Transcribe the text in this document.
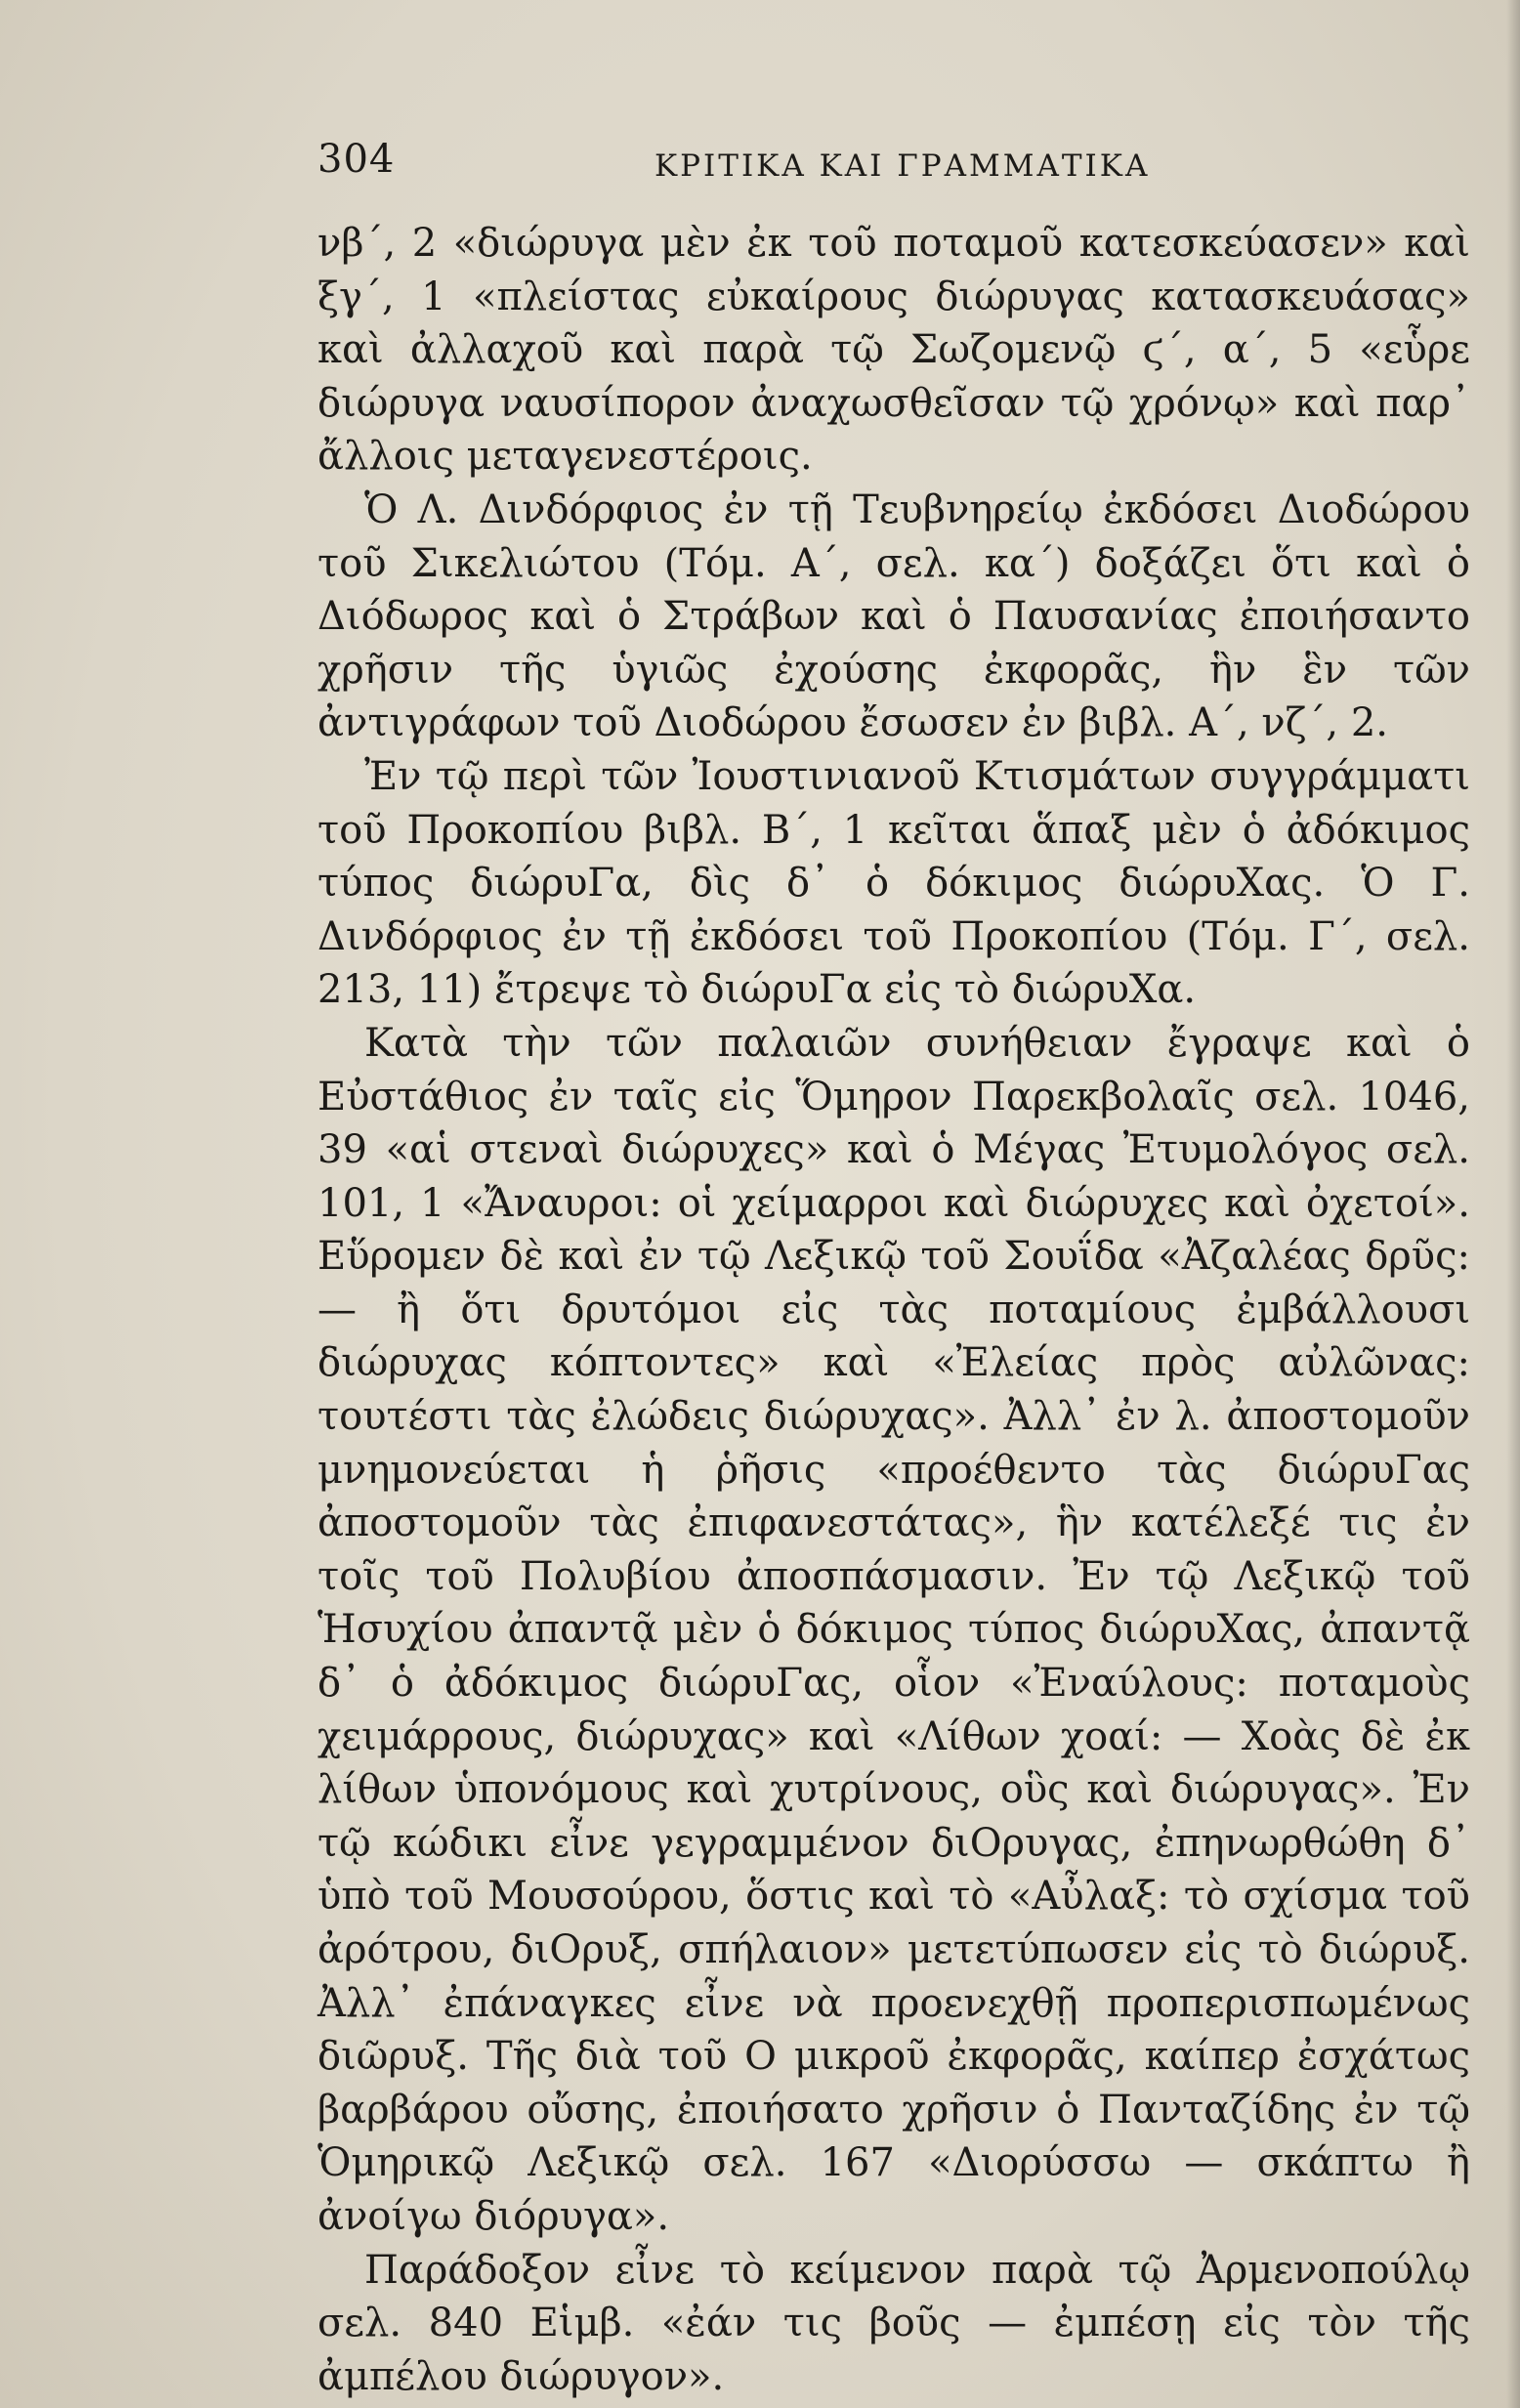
304	ΚΡΙΤΙΚΑ ΚΑΙ ΓΡΑΜΜΑΤΙΚΑ

νβ΄, 2 «διώρυγα μὲν ἐκ τοῦ ποταμοῦ κατεσκεύασεν» καὶ ξγ΄, 1 «πλείστας εὐκαίρους διώρυγας κατασκευάσας» καὶ ἀλλαχοῦ καὶ παρὰ τῷ Σωζομενῷ ϛ΄, α΄, 5 «εὗρε διώρυγα ναυσίπορον ἀναχωσθεῖσαν τῷ χρόνῳ» καὶ παρ᾽ ἄλλοις μεταγενεστέροις.

Ὁ Λ. Δινδόρφιος ἐν τῇ Τευβνηρείῳ ἐκδόσει Διοδώρου τοῦ Σικελιώτου (Τόμ. Α΄, σελ. κα΄) δοξάζει ὅτι καὶ ὁ Διόδωρος καὶ ὁ Στράβων καὶ ὁ Παυσανίας ἐποιήσαντο χρῆσιν τῆς ὑγιῶς ἐχούσης ἐκφορᾶς, ἣν ἓν τῶν ἀντιγράφων τοῦ Διοδώρου ἔσωσεν ἐν βιβλ. Α΄, νζ΄, 2.

Ἐν τῷ περὶ τῶν Ἰουστινιανοῦ Κτισμάτων συγγράμματι τοῦ Προκοπίου βιβλ. Β΄, 1 κεῖται ἅπαξ μὲν ὁ ἀδόκιμος τύπος διώρυΓα, δὶς δ᾽ ὁ δόκιμος διώρυΧας. Ὁ Γ. Δινδόρφιος ἐν τῇ ἐκδόσει τοῦ Προκοπίου (Τόμ. Γ΄, σελ. 213, 11) ἔτρεψε τὸ διώρυΓα εἰς τὸ διώρυΧα.

Κατὰ τὴν τῶν παλαιῶν συνήθειαν ἔγραψε καὶ ὁ Εὐστάθιος ἐν ταῖς εἰς Ὅμηρον Παρεκβολαῖς σελ. 1046, 39 «αἱ στεναὶ διώρυχες» καὶ ὁ Μέγας Ἐτυμολόγος σελ. 101, 1 «Ἄναυροι: οἱ χείμαρροι καὶ διώρυχες καὶ ὀχετοί». Εὕρομεν δὲ καὶ ἐν τῷ Λεξικῷ τοῦ Σουΐδα «Ἀζαλέας δρῦς: — ἢ ὅτι δρυτόμοι εἰς τὰς ποταμίους ἐμβάλλουσι διώρυχας κόπτοντες» καὶ «Ἐλείας πρὸς αὐλῶνας: τουτέστι τὰς ἐλώδεις διώρυχας». Ἀλλ᾽ ἐν λ. ἀποστομοῦν μνημονεύεται ἡ ῥῆσις «προέθεντο τὰς διώρυΓας ἀποστομοῦν τὰς ἐπιφανεστάτας», ἣν κατέλεξέ τις ἐν τοῖς τοῦ Πολυβίου ἀποσπάσμασιν. Ἐν τῷ Λεξικῷ τοῦ Ἡσυχίου ἀπαντᾷ μὲν ὁ δόκιμος τύπος διώρυΧας, ἀπαντᾷ δ᾽ ὁ ἀδόκιμος διώρυΓας, οἷον «Ἐναύλους: ποταμοὺς χειμάρρους, διώρυχας» καὶ «Λίθων χοαί: — Χοὰς δὲ ἐκ λίθων ὑπονόμους καὶ χυτρίνους, οὓς καὶ διώρυγας». Ἐν τῷ κώδικι εἶνε γεγραμμένον διΟρυγας, ἐπηνωρθώθη δ᾽ ὑπὸ τοῦ Μουσούρου, ὅστις καὶ τὸ «Αὖλαξ: τὸ σχίσμα τοῦ ἀρότρου, διΟρυξ, σπήλαιον» μετετύπωσεν εἰς τὸ διώρυξ. Ἀλλ᾽ ἐπάναγκες εἶνε νὰ προενεχθῇ προπερισπωμένως διῶρυξ. Τῆς διὰ τοῦ Ο μικροῦ ἐκφορᾶς, καίπερ ἐσχάτως βαρβάρου οὔσης, ἐποιήσατο χρῆσιν ὁ Πανταζίδης ἐν τῷ Ὁμηρικῷ Λεξικῷ σελ. 167 «Διορύσσω — σκάπτω ἢ ἀνοίγω διόρυγα».

Παράδοξον εἶνε τὸ κείμενον παρὰ τῷ Ἀρμενοπούλῳ σελ. 840 Εἱμβ. «ἐάν τις βοῦς — ἐμπέσῃ εἰς τὸν τῆς ἀμπέλου διώρυγον».
